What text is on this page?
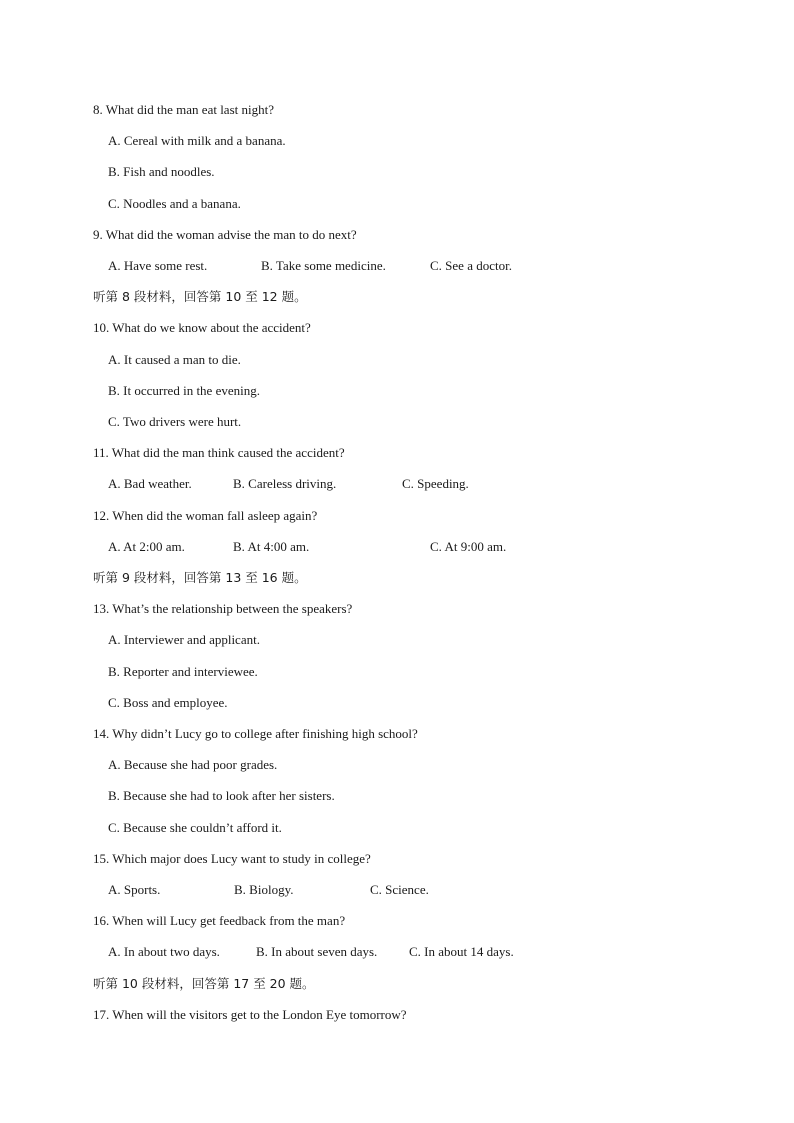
8. What did the man eat last night?
A. Cereal with milk and a banana.
B. Fish and noodles.
C. Noodles and a banana.
9. What did the woman advise the man to do next?
A. Have some rest.	B. Take some medicine.	C. See a doctor.
听第 8 段材料，回答第 10 至 12 题。
10. What do we know about the accident?
A. It caused a man to die.
B. It occurred in the evening.
C. Two drivers were hurt.
11. What did the man think caused the accident?
A. Bad weather.	B. Careless driving.	C. Speeding.
12. When did the woman fall asleep again?
A. At 2:00 am.	B. At 4:00 am.	C. At 9:00 am.
听第 9 段材料，回答第 13 至 16 题。
13. What’s the relationship between the speakers?
A. Interviewer and applicant.
B. Reporter and interviewee.
C. Boss and employee.
14. Why didn’t Lucy go to college after finishing high school?
A. Because she had poor grades.
B. Because she had to look after her sisters.
C. Because she couldn’t afford it.
15. Which major does Lucy want to study in college?
A. Sports.	B. Biology.	C. Science.
16. When will Lucy get feedback from the man?
A. In about two days.	B. In about seven days. C. In about 14 days.
听第 10 段材料，回答第 17 至 20 题。
17. When will the visitors get to the London Eye tomorrow?
